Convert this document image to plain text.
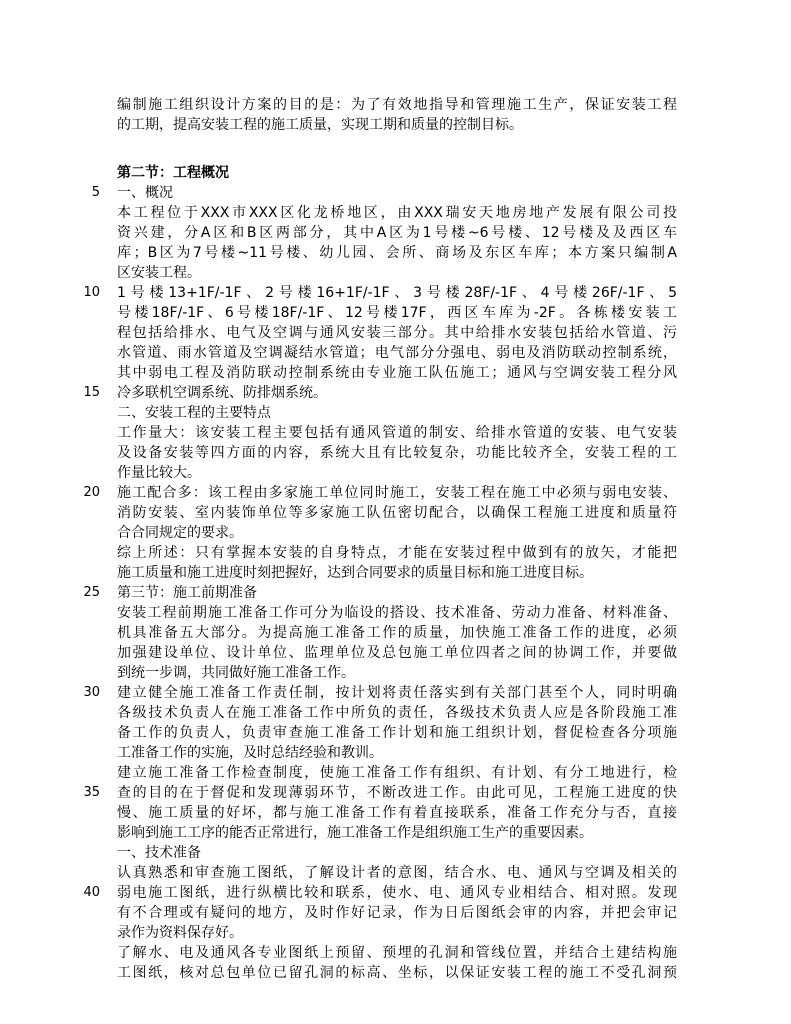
编制施工组织设计方案的目的是：为了有效地指导和管理施工生产，保证安装工程
的工期，提高安装工程的施工质量，实现工期和质量的控制目标。
第二节：工程概况
5 一、概况
本工程位于XXX市XXX区化龙桥地区，由XXX瑞安天地房地产发展有限公司投
资兴建，分A区和B区两部分，其中A区为1号楼~6号楼、12号楼及及西区车
库；B区为7号楼~11号楼、幼儿园、会所、商场及东区车库；本方案只编制A
区安装工程。
10 1号楼13+1F/-1F、2号楼16+1F/-1F、3号楼28F/-1F、4号楼26F/-1F、5
号楼18F/-1F、6号楼18F/-1F、12号楼17F，西区车库为-2F。各栋楼安装工
程包括给排水、电气及空调与通风安装三部分。其中给排水安装包括给水管道、污
水管道、雨水管道及空调凝结水管道；电气部分分强电、弱电及消防联动控制系统，
其中弱电工程及消防联动控制系统由专业施工队伍施工；通风与空调安装工程分风
15 冷多联机空调系统、防排烟系统。
二、安装工程的主要特点
工作量大：该安装工程主要包括有通风管道的制安、给排水管道的安装、电气安装
及设备安装等四方面的内容，系统大且有比较复杂，功能比较齐全，安装工程的工
作量比较大。
20 施工配合多：该工程由多家施工单位同时施工，安装工程在施工中必须与弱电安装、
消防安装、室内装饰单位等多家施工队伍密切配合，以确保工程施工进度和质量符
合合同规定的要求。
综上所述：只有掌握本安装的自身特点，才能在安装过程中做到有的放矢，才能把
施工质量和施工进度时刻把握好，达到合同要求的质量目标和施工进度目标。
25 第三节：施工前期准备
安装工程前期施工准备工作可分为临设的搭设、技术准备、劳动力准备、材料准备、
机具准备五大部分。为提高施工准备工作的质量，加快施工准备工作的进度，必须
加强建设单位、设计单位、监理单位及总包施工单位四者之间的协调工作，并要做
到统一步调，共同做好施工准备工作。
30 建立健全施工准备工作责任制，按计划将责任落实到有关部门甚至个人，同时明确
各级技术负责人在施工准备工作中所负的责任，各级技术负责人应是各阶段施工准
备工作的负责人，负责审查施工准备工作计划和施工组织计划，督促检查各分项施
工准备工作的实施，及时总结经验和教训。
建立施工准备工作检查制度，使施工准备工作有组织、有计划、有分工地进行，检
35 查的目的在于督促和发现薄弱环节，不断改进工作。由此可见，工程施工进度的快
慢、施工质量的好坏，都与施工准备工作有着直接联系，准备工作充分与否，直接
影响到施工工序的能否正常进行，施工准备工作是组织施工生产的重要因素。
一、技术准备
认真熟悉和审查施工图纸，了解设计者的意图，结合水、电、通风与空调及相关的
40 弱电施工图纸，进行纵横比较和联系，使水、电、通风专业相结合、相对照。发现
有不合理或有疑问的地方，及时作好记录，作为日后图纸会审的内容，并把会审记
录作为资料保存好。
了解水、电及通风各专业图纸上预留、预埋的孔洞和管线位置，并结合土建结构施
工图纸，核对总包单位已留孔洞的标高、坐标，以保证安装工程的施工不受孔洞预
